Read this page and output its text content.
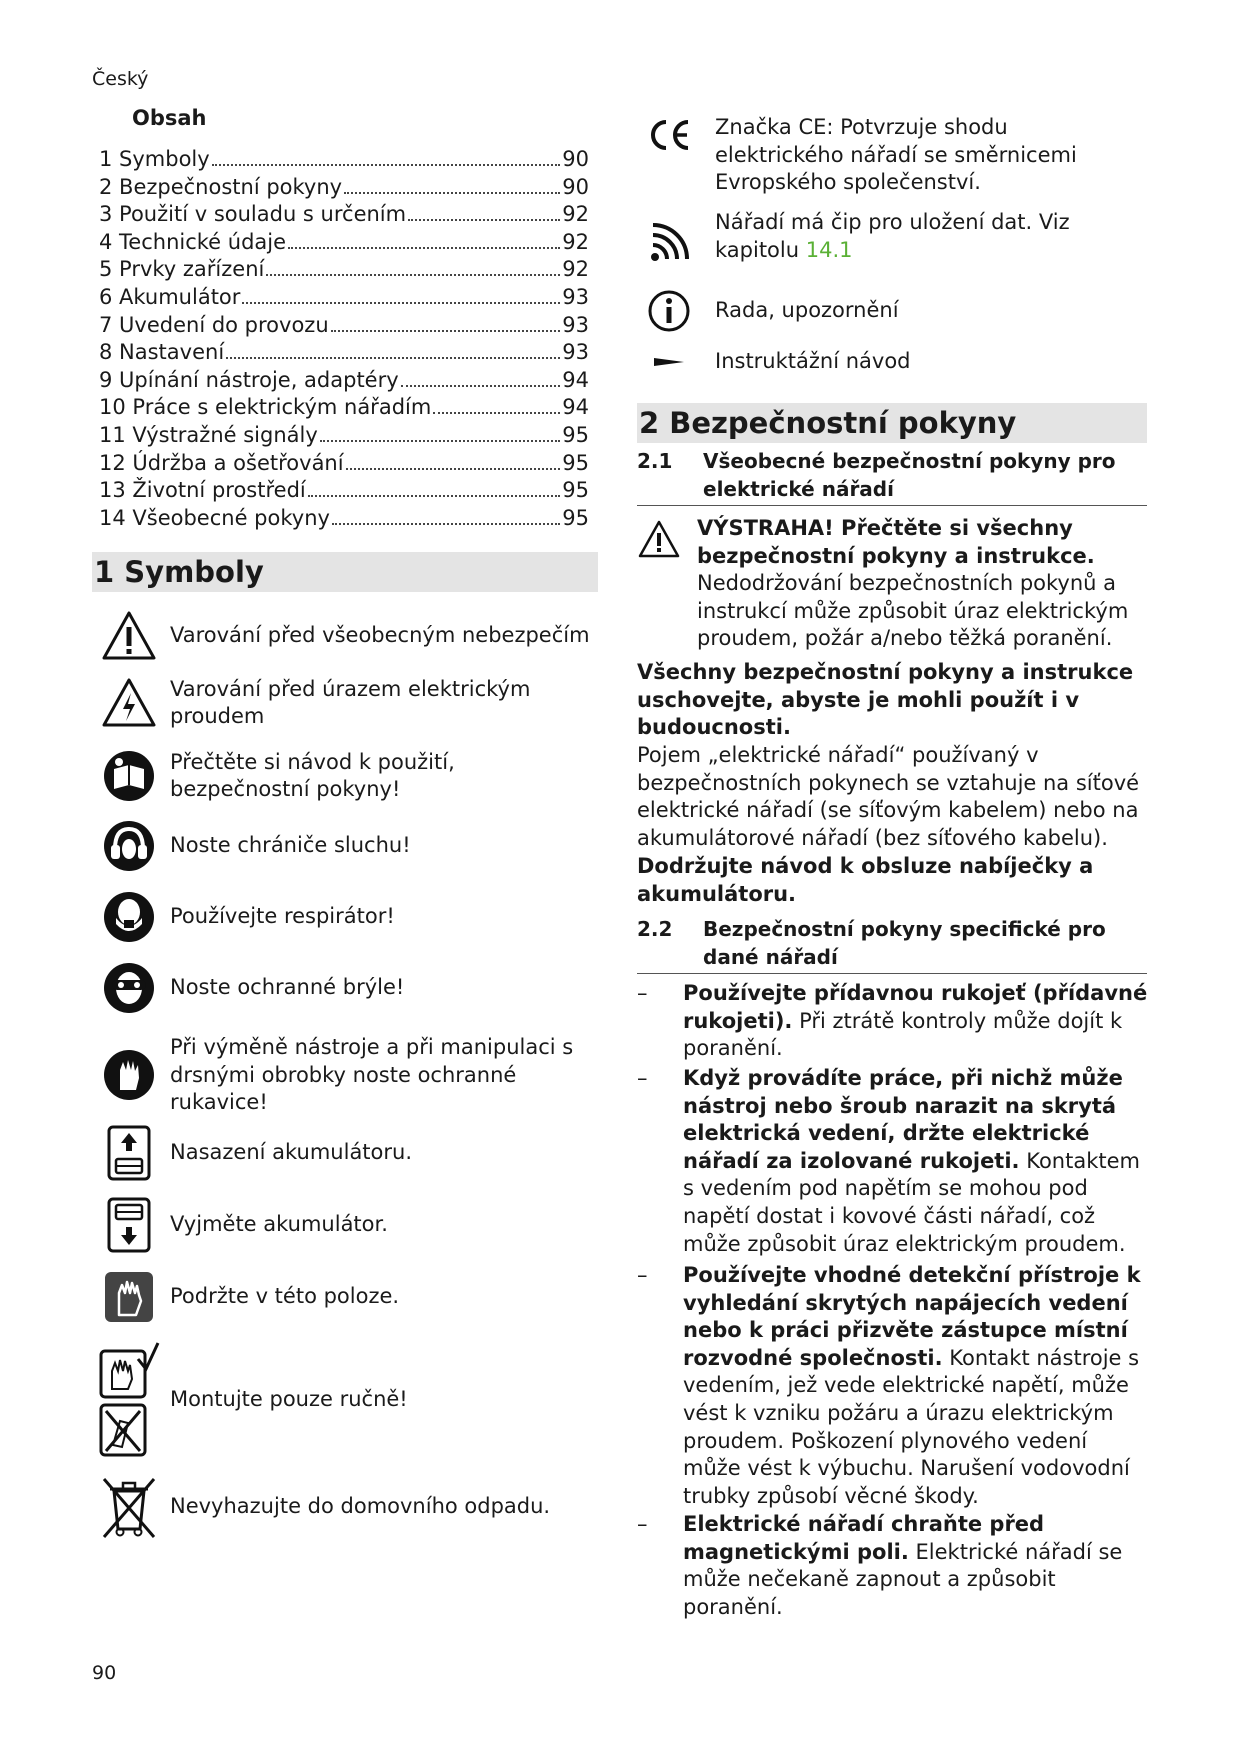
Český
Obsah
1 Symboly	90
2 Bezpečnostní pokyny	90
3 Použití v souladu s určením	92
4 Technické údaje	92
5 Prvky zařízení	92
6 Akumulátor	93
7 Uvedení do provozu	93
8 Nastavení	93
9 Upínání nástroje, adaptéry	94
10 Práce s elektrickým nářadím	94
11 Výstražné signály	95
12 Údržba a ošetřování	95
13 Životní prostředí	95
14 Všeobecné pokyny	95
1 Symboly
Varování před všeobecným nebezpečím
Varování před úrazem elektrickým proudem
Přečtěte si návod k použití, bezpečnostní pokyny!
Noste chrániče sluchu!
Používejte respirátor!
Noste ochranné brýle!
Při výměně nástroje a při manipulaci s drsnými obrobky noste ochranné rukavice!
Nasazení akumulátoru.
Vyjměte akumulátor.
Podržte v této poloze.
Montujte pouze ručně!
Nevyhazujte do domovního odpadu.
Značka CE: Potvrzuje shodu elektrického nářadí se směrnicemi Evropského společenství.
Nářadí má čip pro uložení dat. Viz kapitolu 14.1
Rada, upozornění
Instruktážní návod
2 Bezpečnostní pokyny
2.1 Všeobecné bezpečnostní pokyny pro
elektrické nářadí
VÝSTRAHA! Přečtěte si všechny bezpečnostní pokyny a instrukce. Nedodržování bezpečnostních pokynů a instrukcí může způsobit úraz elektrickým proudem, požár a/nebo těžká poranění.
Všechny bezpečnostní pokyny a instrukce uschovejte, abyste je mohli použít i v budoucnosti.
Pojem „elektrické nářadí“ používaný v bezpečnostních pokynech se vztahuje na síťové elektrické nářadí (se síťovým kabelem) nebo na akumulátorové nářadí (bez síťového kabelu).
Dodržujte návod k obsluze nabíječky a akumulátoru.
2.2 Bezpečnostní pokyny specifické pro
dané nářadí
–	Používejte přídavnou rukojeť (přídavné rukojeti). Při ztrátě kontroly může dojít k poranění.
–	Když provádíte práce, při nichž může nástroj nebo šroub narazit na skrytá elektrická vedení, držte elektrické nářadí za izolované rukojeti. Kontaktem s vedením pod napětím se mohou pod napětí dostat i kovové části nářadí, což může způsobit úraz elektrickým proudem.
–	Používejte vhodné detekční přístroje k vyhledání skrytých napájecích vedení nebo k práci přizvěte zástupce místní rozvodné společnosti. Kontakt nástroje s vedením, jež vede elektrické napětí, může vést k vzniku požáru a úrazu elektrickým proudem. Poškození plynového vedení může vést k výbuchu. Narušení vodovodní trubky způsobí věcné škody.
–	Elektrické nářadí chraňte před magnetickými poli. Elektrické nářadí se může nečekaně zapnout a způsobit poranění.
90
